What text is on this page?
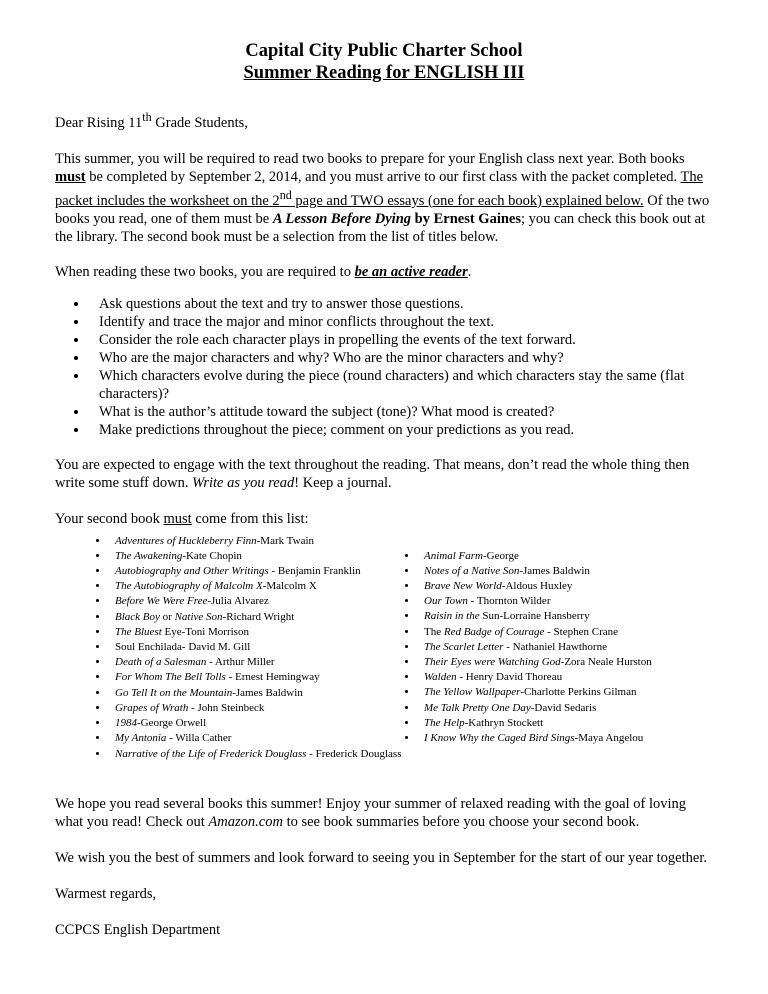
Capital City Public Charter School
Summer Reading for ENGLISH III

Dear Rising 11th Grade Students,

This summer, you will be required to read two books to prepare for your English class next year. Both books must be completed by September 2, 2014, and you must arrive to our first class with the packet completed. The packet includes the worksheet on the 2nd page and TWO essays (one for each book) explained below. Of the two books you read, one of them must be A Lesson Before Dying by Ernest Gaines; you can check this book out at the library. The second book must be a selection from the list of titles below.

When reading these two books, you are required to be an active reader.

• Ask questions about the text and try to answer those questions.
• Identify and trace the major and minor conflicts throughout the text.
• Consider the role each character plays in propelling the events of the text forward.
• Who are the major characters and why? Who are the minor characters and why?
• Which characters evolve during the piece (round characters) and which characters stay the same (flat characters)?
• What is the author’s attitude toward the subject (tone)? What mood is created?
• Make predictions throughout the piece; comment on your predictions as you read.

You are expected to engage with the text throughout the reading. That means, don’t read the whole thing then write some stuff down. Write as you read! Keep a journal.

Your second book must come from this list:

• Adventures of Huckleberry Finn-Mark Twain
• The Awakening-Kate Chopin
• Autobiography and Other Writings - Benjamin Franklin
• The Autobiography of Malcolm X-Malcolm X
• Before We Were Free-Julia Alvarez
• Black Boy or Native Son-Richard Wright
• The Bluest Eye-Toni Morrison
• Soul Enchilada- David M. Gill
• Death of a Salesman - Arthur Miller
• For Whom The Bell Tolls - Ernest Hemingway
• Go Tell It on the Mountain-James Baldwin
• Grapes of Wrath - John Steinbeck
• 1984-George Orwell
• My Antonia - Willa Cather
• Narrative of the Life of Frederick Douglass - Frederick Douglass
• Animal Farm-George
• Notes of a Native Son-James Baldwin
• Brave New World-Aldous Huxley
• Our Town - Thornton Wilder
• Raisin in the Sun-Lorraine Hansberry
• The Red Badge of Courage - Stephen Crane
• The Scarlet Letter - Nathaniel Hawthorne
• Their Eyes were Watching God-Zora Neale Hurston
• Walden - Henry David Thoreau
• The Yellow Wallpaper-Charlotte Perkins Gilman
• Me Talk Pretty One Day-David Sedaris
• The Help-Kathryn Stockett
• I Know Why the Caged Bird Sings-Maya Angelou

We hope you read several books this summer! Enjoy your summer of relaxed reading with the goal of loving what you read! Check out Amazon.com to see book summaries before you choose your second book.

We wish you the best of summers and look forward to seeing you in September for the start of our year together.

Warmest regards,

CCPCS English Department
